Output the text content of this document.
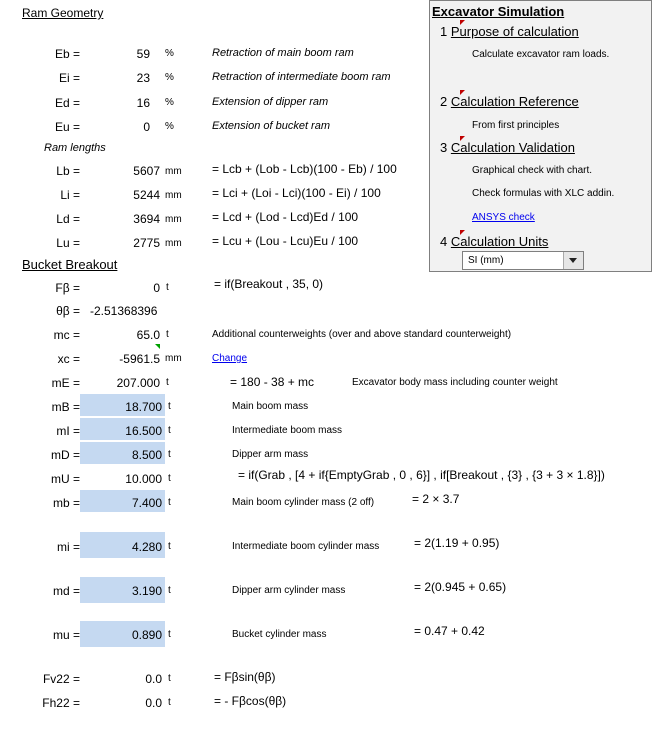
Ram Geometry
Eb =	59 %	Retraction of main boom ram
Ei =	23 %	Retraction of intermediate boom ram
Ed =	16 %	Extension of dipper ram
Eu =	0 %	Extension of bucket ram
Ram lengths
Lb =	5607 mm	= Lcb + (Lob - Lcb)(100 - Eb) / 100
Li =	5244 mm	= Lci + (Loi - Lci)(100 - Ei) / 100
Ld =	3694 mm	= Lcd + (Lod - Lcd)Ed / 100
Lu =	2775 mm	= Lcu + (Lou - Lcu)Eu / 100
Bucket Breakout
Fβ =	0 t	= if(Breakout , 35, 0)
θβ = -2.51368396
mc =	65.0 t	Additional counterweights (over and above standard counterweight)
xc =	-5961.5 mm	Change
mE =	207.000 t	= 180 - 38 + mc	Excavator body mass including counter weight
mB =	18.700 t	Main boom mass
mI =	16.500 t	Intermediate boom mass
mD =	8.500 t	Dipper arm mass
mU =	10.000 t	= if(Grab , [4 + if{EmptyGrab , 0 , 6}] , if[Breakout , {3} , {3 + 3 × 1.8}])
mb =	7.400 t	Main boom cylinder mass (2 off)	= 2 × 3.7
mi =	4.280 t	Intermediate boom cylinder mass	= 2(1.19 + 0.95)
md =	3.190 t	Dipper arm cylinder mass	= 2(0.945 + 0.65)
mu =	0.890 t	Bucket cylinder mass	= 0.47 + 0.42
Fv22 =	0.0 t	= Fβsin(θβ)
Fh22 =	0.0 t	= - Fβcos(θβ)
Excavator Simulation
1 Purpose of calculation
Calculate excavator ram loads.
2 Calculation Reference
From first principles
3 Calculation Validation
Graphical check with chart.
Check formulas with XLC addin.
ANSYS check
4 Calculation Units
SI (mm)
